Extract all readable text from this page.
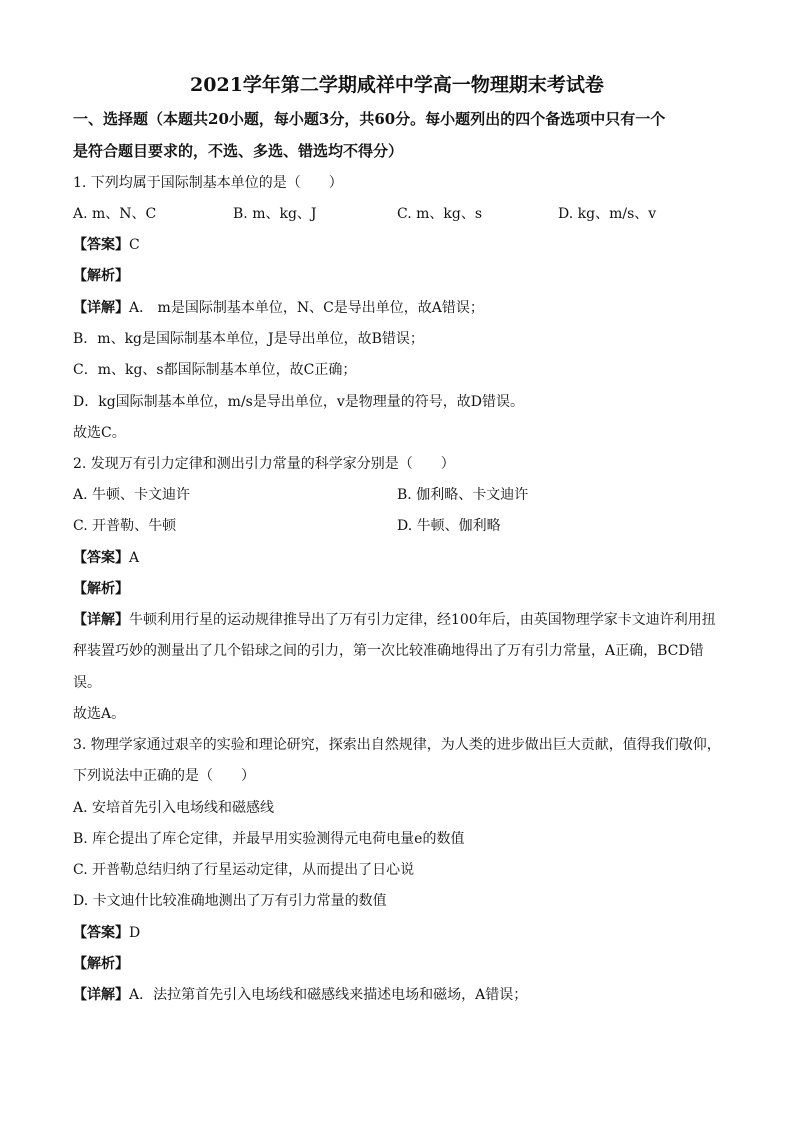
2021学年第二学期咸祥中学高一物理期末考试卷
一、选择题（本题共20小题，每小题3分，共60分。每小题列出的四个备选项中只有一个
是符合题目要求的，不选、多选、错选均不得分）
1. 下列均属于国际制基本单位的是（　　）
A. m、N、C	B. m、kg、J	C. m、kg、s	D. kg、m/s、v
【答案】C
【解析】
【详解】A． m是国际制基本单位，N、C是导出单位，故A错误；
B．m、kg是国际制基本单位，J是导出单位，故B错误；
C．m、kg、s都国际制基本单位，故C正确；
D．kg国际制基本单位，m/s是导出单位，v是物理量的符号，故D错误。
故选C。
2. 发现万有引力定律和测出引力常量的科学家分别是（　　）
A. 牛顿、卡文迪许	B. 伽利略、卡文迪许
C. 开普勒、牛顿	D. 牛顿、伽利略
【答案】A
【解析】
【详解】牛顿利用行星的运动规律推导出了万有引力定律，经100年后，由英国物理学家卡文迪许利用扭
秤装置巧妙的测量出了几个铅球之间的引力，第一次比较准确地得出了万有引力常量，A正确，BCD错
误。
故选A。
3. 物理学家通过艰辛的实验和理论研究，探索出自然规律，为人类的进步做出巨大贡献，值得我们敬仰，
下列说法中正确的是（　　）
A. 安培首先引入电场线和磁感线
B. 库仑提出了库仑定律，并最早用实验测得元电荷电量e的数值
C. 开普勒总结归纳了行星运动定律，从而提出了日心说
D. 卡文迪什比较准确地测出了万有引力常量的数值
【答案】D
【解析】
【详解】A．法拉第首先引入电场线和磁感线来描述电场和磁场，A错误；
